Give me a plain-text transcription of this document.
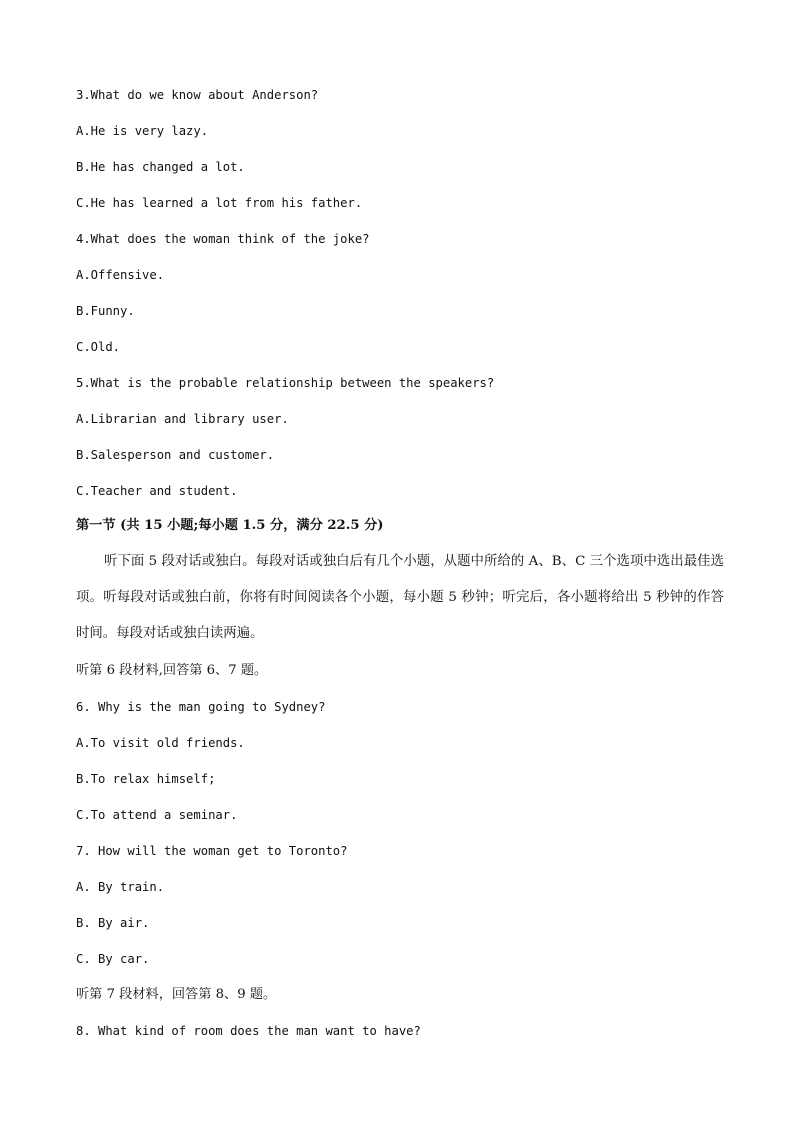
3.What do we know about Anderson?
A.He is very lazy.
B.He has changed a lot.
C.He has learned a lot from his father.
4.What does the woman think of the joke?
A.Offensive.
B.Funny.
C.Old.
5.What is the probable relationship between the speakers?
A.Librarian and library user.
B.Salesperson and customer.
C.Teacher and student.
第一节 (共 15 小题;每小题 1.5 分，满分 22.5 分)
听下面 5 段对话或独白。每段对话或独白后有几个小题，从题中所给的 A、B、C 三个选项中选出最佳选项。听每段对话或独白前，你将有时间阅读各个小题，每小题 5 秒钟；听完后，各小题将给出 5 秒钟的作答时间。每段对话或独白读两遍。
听第 6 段材料,回答第 6、7 题。
6. Why is the man going to Sydney?
A.To visit old friends.
B.To relax himself;
C.To attend a seminar.
7. How will the woman get to Toronto?
A. By train.
B. By air.
C. By car.
听第 7 段材料，回答第 8、9 题。
8. What kind of room does the man want to have?
